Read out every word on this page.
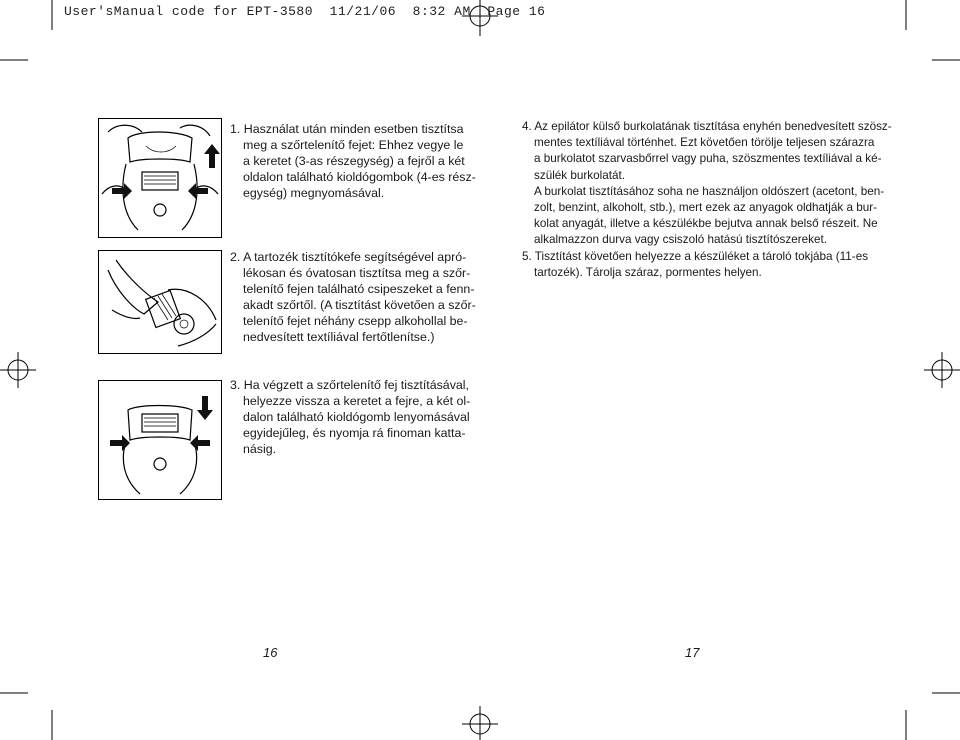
User'sManual code for EPT-3580  11/21/06  8:32 AM  Page 16

1. Használat után minden esetben tisztítsa

meg a szőrtelenítő fejet: Ehhez vegye le

a keretet (3-as részegység) a fejről a két

oldalon található kioldógombok (4-es rész-

egység) megnyomásával.

2. A tartozék tisztítókefe segítségével apró-

lékosan és óvatosan tisztítsa meg a szőr-

telenítő fejen található csipeszeket a fenn-

akadt szőrtől. (A tisztítást követően a szőr-

telenítő fejet néhány csepp alkohollal be-

nedvesített textíliával fertőtlenítse.)

3. Ha végzett a szőrtelenítő fej tisztításával,

helyezze vissza a keretet a fejre, a két ol-

dalon található kioldógomb lenyomásával

egyidejűleg, és nyomja rá finoman katta-

násig.

16

4. Az epilátor külső burkolatának tisztítása enyhén benedvesített szösz-

mentes textíliával történhet. Ezt követően törölje teljesen szárazra

a burkolatot szarvasbőrrel vagy puha, szöszmentes textíliával a ké-

szülék burkolatát.

A burkolat tisztításához soha ne használjon oldószert (acetont, ben-

zolt, benzint, alkoholt, stb.), mert ezek az anyagok oldhatják a bur-

kolat anyagát, illetve a készülékbe bejutva annak belső részeit. Ne

alkalmazzon durva vagy csiszoló hatású tisztítószereket.

5. Tisztítást követően helyezze a készüléket a tároló tokjába (11-es

tartozék). Tárolja száraz, pormentes helyen.

17
